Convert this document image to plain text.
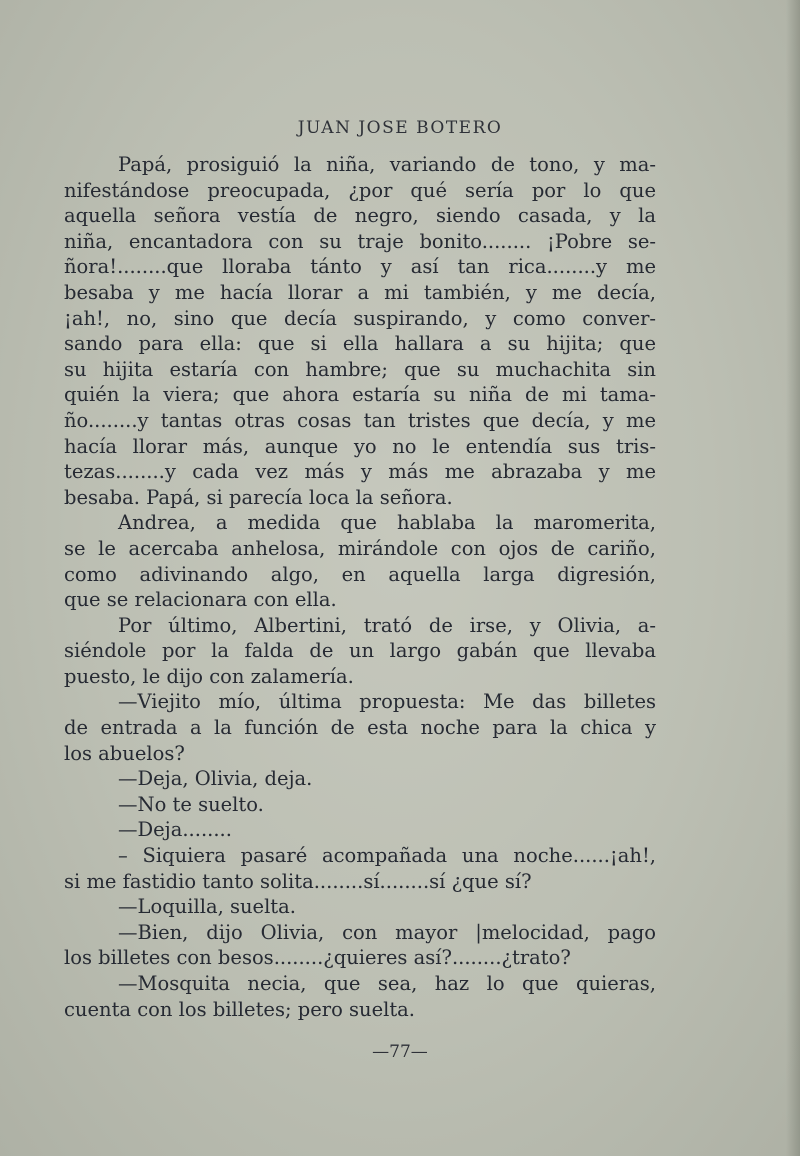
JUAN JOSE BOTERO

Papá, prosiguió la niña, variando de tono, y ma-

nifestándose preocupada, ¿por qué sería por lo que

aquella señora vestía de negro, siendo casada, y la

niña, encantadora con su traje bonito........ ¡Pobre se-

ñora!........que lloraba tánto y así tan rica........y me

besaba y me hacía llorar a mi también, y me decía,

¡ah!, no, sino que decía suspirando, y como conver-

sando para ella: que si ella hallara a su hijita; que

su hijita estaría con hambre; que su muchachita sin

quién la viera; que ahora estaría su niña de mi tama-

ño........y tantas otras cosas tan tristes que decía, y me

hacía llorar más, aunque yo no le entendía sus tris-

tezas........y cada vez más y más me abrazaba y me

besaba. Papá, si parecía loca la señora.

Andrea, a medida que hablaba la maromerita,

se le acercaba anhelosa, mirándole con ojos de cariño,

como adivinando algo, en aquella larga digresión,

que se relacionara con ella.

Por último, Albertini, trató de irse, y Olivia, a-

siéndole por la falda de un largo gabán que llevaba

puesto, le dijo con zalamería.

—Viejito mío, última propuesta: Me das billetes

de entrada a la función de esta noche para la chica y

los abuelos?

—Deja, Olivia, deja.

—No te suelto.

—Deja........

– Siquiera pasaré acompañada una noche......¡ah!,

si me fastidio tanto solita........sí........sí ¿que sí?

—Loquilla, suelta.

—Bien, dijo Olivia, con mayor |melocidad, pago

los billetes con besos........¿quieres así?........¿trato?

—Mosquita necia, que sea, haz lo que quieras,

cuenta con los billetes; pero suelta.

—77—
